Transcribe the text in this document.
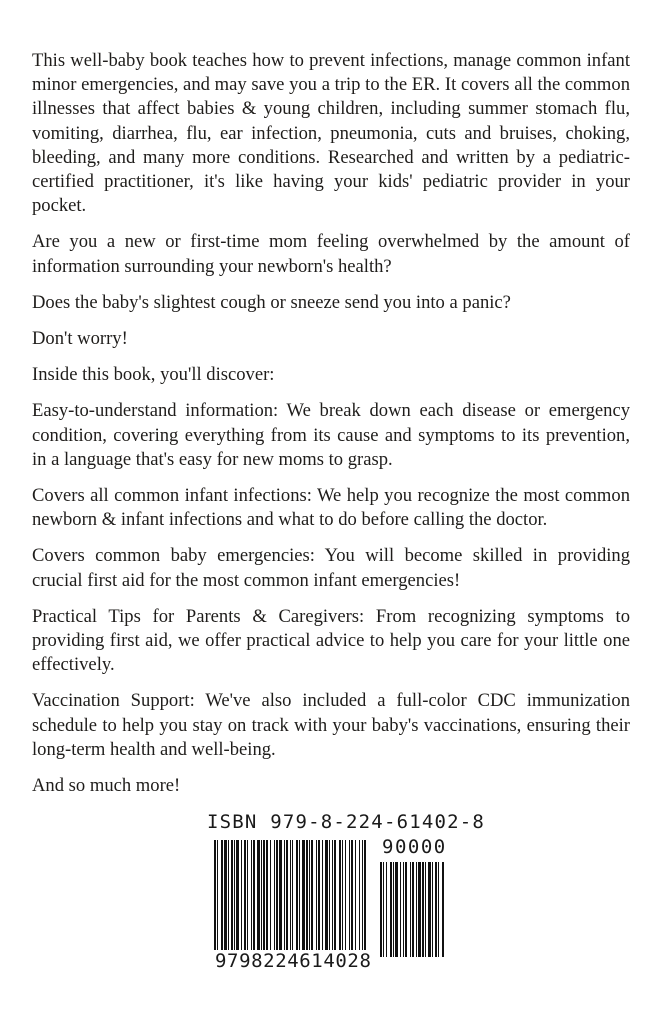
This well-baby book teaches how to prevent infections, manage common infant minor emergencies, and may save you a trip to the ER. It covers all the common illnesses that affect babies & young children, including summer stomach flu, vomiting, diarrhea, flu, ear infection, pneumonia, cuts and bruises, choking, bleeding, and many more conditions. Researched and written by a pediatric-certified practitioner, it's like having your kids' pediatric provider in your pocket.

Are you a new or first-time mom feeling overwhelmed by the amount of information surrounding your newborn's health?

Does the baby's slightest cough or sneeze send you into a panic?

Don't worry!

Inside this book, you'll discover:

Easy-to-understand information: We break down each disease or emergency condition, covering everything from its cause and symptoms to its prevention, in a language that's easy for new moms to grasp.

Covers all common infant infections: We help you recognize the most common newborn & infant infections and what to do before calling the doctor.

Covers common baby emergencies: You will become skilled in providing crucial first aid for the most common infant emergencies!

Practical Tips for Parents & Caregivers: From recognizing symptoms to providing first aid, we offer practical advice to help you care for your little one effectively.

Vaccination Support: We've also included a full-color CDC immunization schedule to help you stay on track with your baby's vaccinations, ensuring their long-term health and well-being.

And so much more!

ISBN 979-8-224-61402-8
90000
9798224614028
